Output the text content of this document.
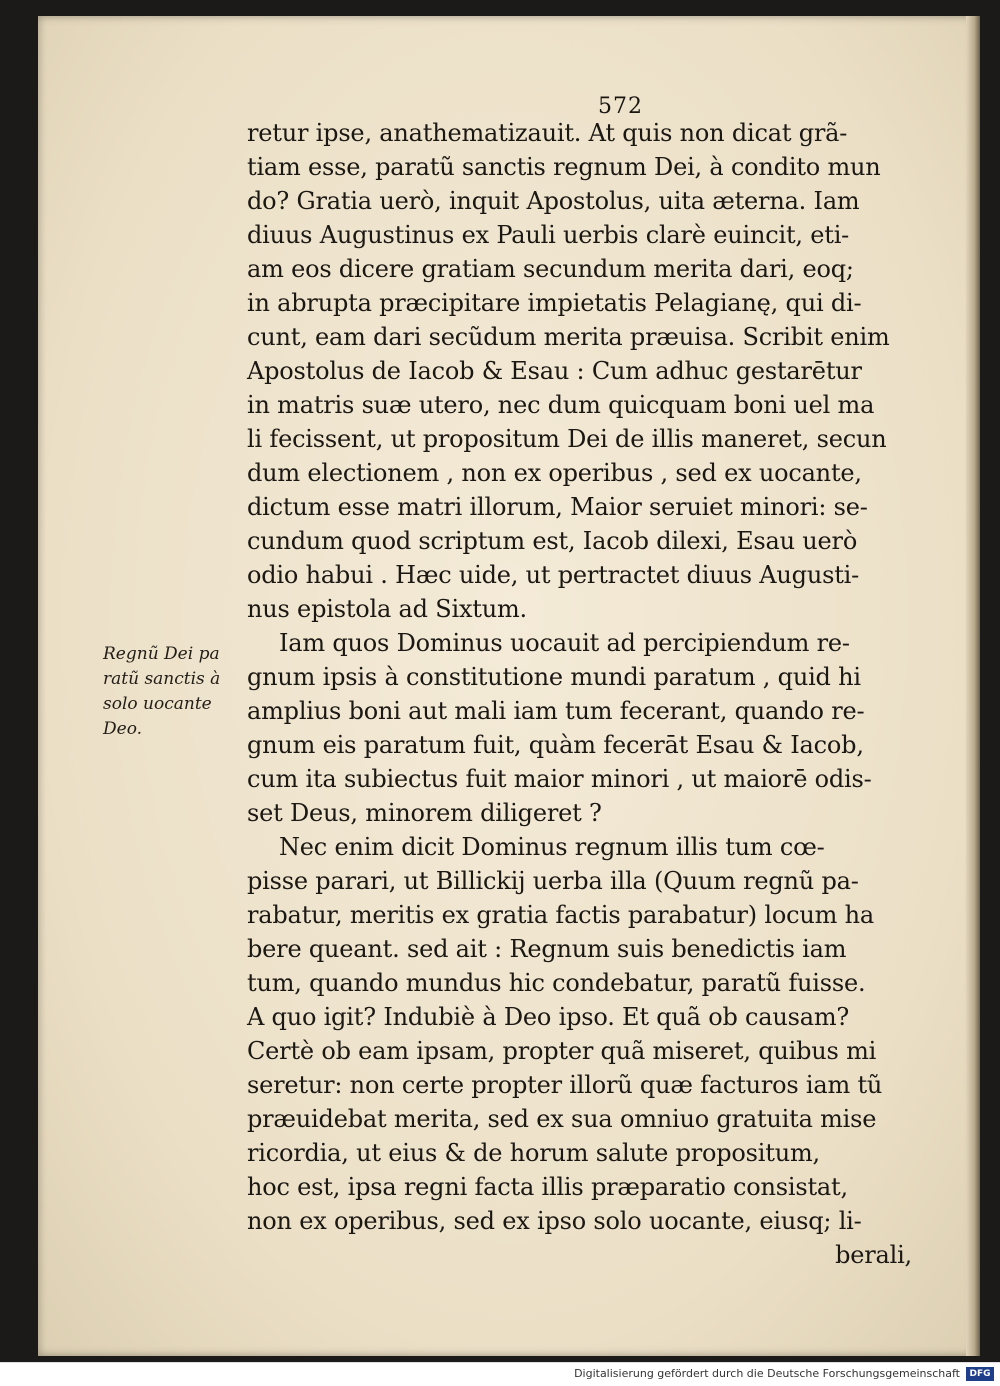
572
retur ipse, anathematizauit. At quis non dicat grã-
tiam esse, paratũ sanctis regnum Dei, à condito mun
do? Gratia uerò, inquit Apostolus, uita æterna. Iam
diuus Augustinus ex Pauli uerbis clarè euincit, eti-
am eos dicere gratiam secundum merita dari, eoq;
in abrupta præcipitare impietatis Pelagianę, qui di-
cunt, eam dari secũdum merita præuisa. Scribit enim
Apostolus de Iacob & Esau : Cum adhuc gestarētur
in matris suæ utero, nec dum quicquam boni uel ma
li fecissent, ut propositum Dei de illis maneret, secun
dum electionem , non ex operibus , sed ex uocante,
dictum esse matri illorum, Maior seruiet minori: se-
cundum quod scriptum est, Iacob dilexi, Esau uerò
odio habui . Hæc uide, ut pertractet diuus Augusti-
nus epistola ad Sixtum.
Iam quos Dominus uocauit ad percipiendum re-
gnum ipsis à constitutione mundi paratum , quid hi
amplius boni aut mali iam tum fecerant, quando re-
gnum eis paratum fuit, quàm fecerāt Esau & Iacob,
cum ita subiectus fuit maior minori , ut maiorē odis-
set Deus, minorem diligeret ?
Nec enim dicit Dominus regnum illis tum cœ-
pisse parari, ut Billickij uerba illa (Quum regnũ pa-
rabatur, meritis ex gratia factis parabatur) locum ha
bere queant. sed ait : Regnum suis benedictis iam
tum, quando mundus hic condebatur, paratũ fuisse.
A quo igit? Indubiè à Deo ipso. Et quã ob causam?
Certè ob eam ipsam, propter quã miseret, quibus mi
seretur: non certe propter illorũ quæ facturos iam tũ
præuidebat merita, sed ex sua omniuo gratuita mise
ricordia, ut eius & de horum salute propositum,
hoc est, ipsa regni facta illis præparatio consistat,
non ex operibus, sed ex ipso solo uocante, eiusq; li-
berali,
Regnũ Dei pa
ratũ sanctis à
solo uocante
Deo.
Digitalisierung gefördert durch die Deutsche Forschungsgemeinschaft	DFG
